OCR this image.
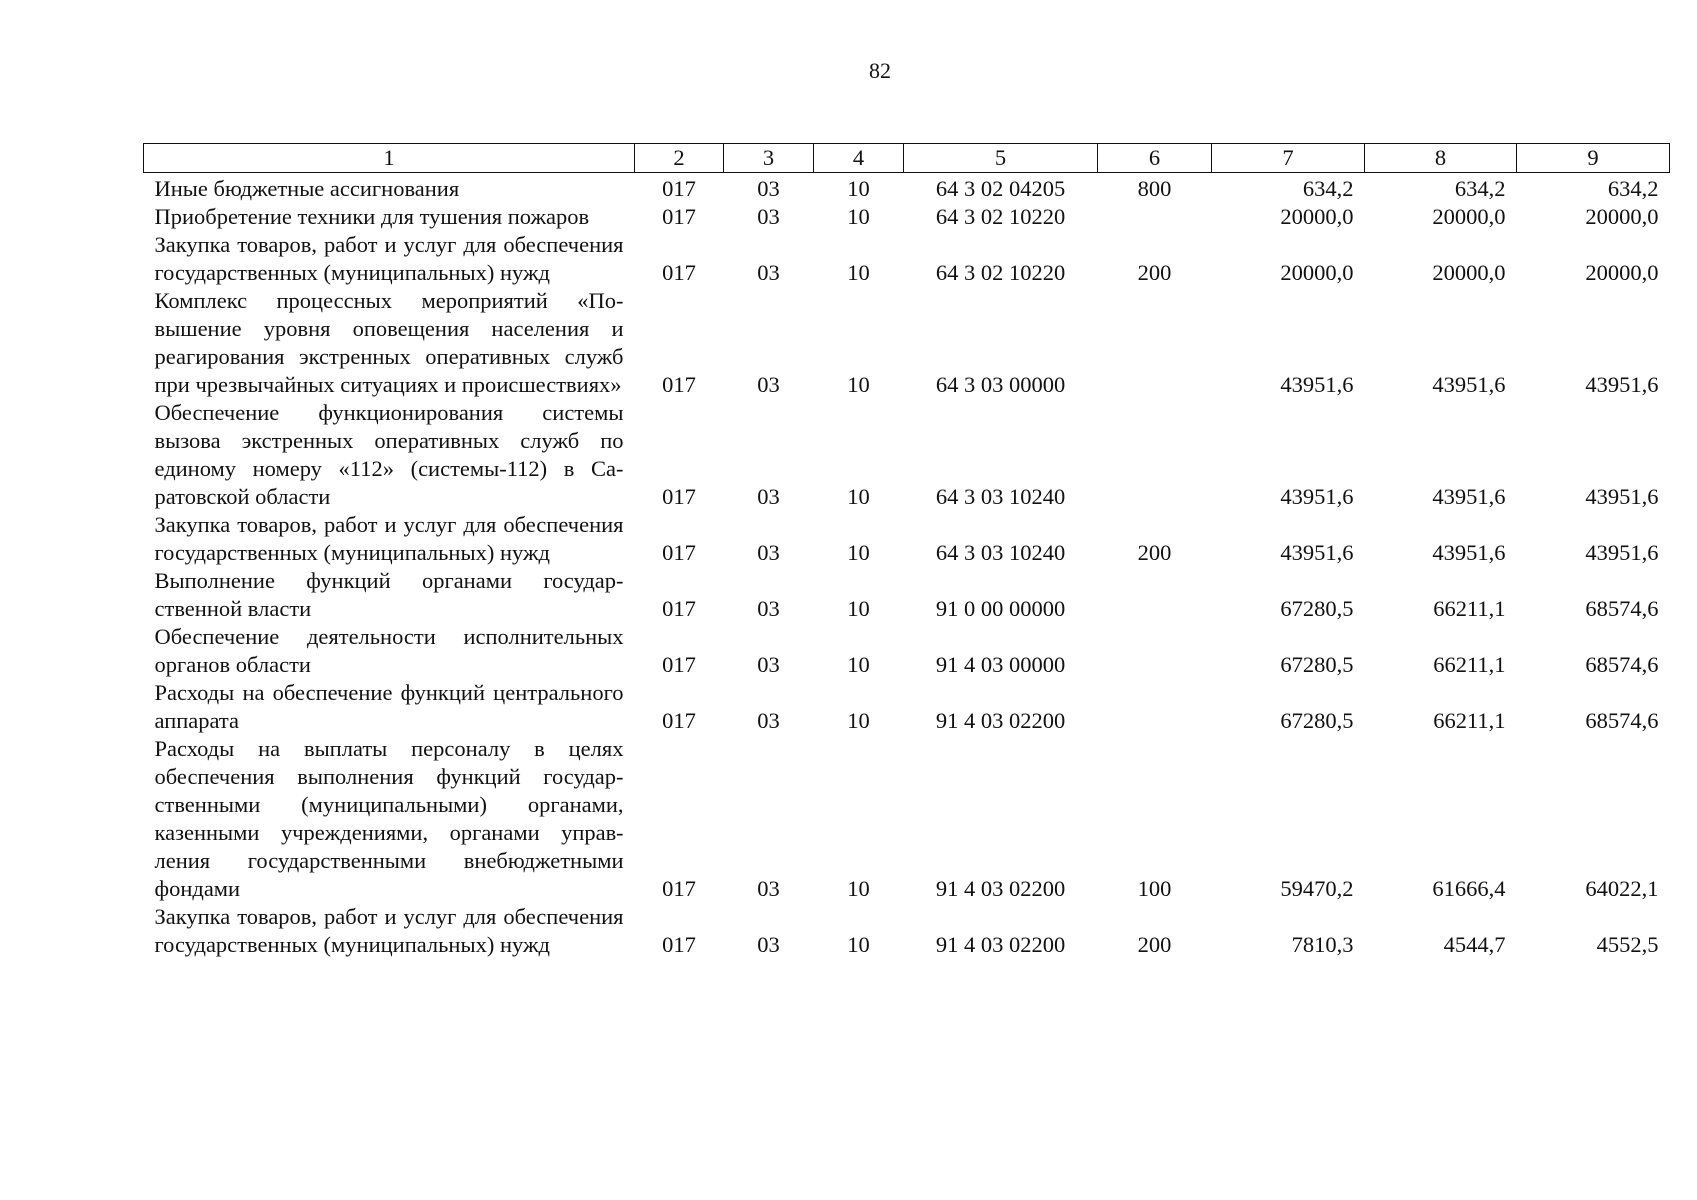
82
1	2	3	4	5	6	7	8	9
Иные бюджетные ассигнования	017	03	10	64 3 02 04205	800	634,2	634,2	634,2
Приобретение техники для тушения пожаров	017	03	10	64 3 02 10220		20000,0	20000,0	20000,0
Закупка товаров, работ и услуг для обеспечения государственных (муниципальных) нужд	017	03	10	64 3 02 10220	200	20000,0	20000,0	20000,0
Комплекс процессных мероприятий «Повышение уровня оповещения населения и реагирования экстренных оперативных служб при чрезвычайных ситуациях и происшествиях»	017	03	10	64 3 03 00000		43951,6	43951,6	43951,6
Обеспечение функционирования системы вызова экстренных оперативных служб по единому номеру «112» (системы-112) в Саратовской области	017	03	10	64 3 03 10240		43951,6	43951,6	43951,6
Закупка товаров, работ и услуг для обеспечения государственных (муниципальных) нужд	017	03	10	64 3 03 10240	200	43951,6	43951,6	43951,6
Выполнение функций органами государственной власти	017	03	10	91 0 00 00000		67280,5	66211,1	68574,6
Обеспечение деятельности исполнительных органов области	017	03	10	91 4 03 00000		67280,5	66211,1	68574,6
Расходы на обеспечение функций центрального аппарата	017	03	10	91 4 03 02200		67280,5	66211,1	68574,6
Расходы на выплаты персоналу в целях обеспечения выполнения функций государственными (муниципальными) органами, казенными учреждениями, органами управления государственными внебюджетными фондами	017	03	10	91 4 03 02200	100	59470,2	61666,4	64022,1
Закупка товаров, работ и услуг для обеспечения государственных (муниципальных) нужд	017	03	10	91 4 03 02200	200	7810,3	4544,7	4552,5
